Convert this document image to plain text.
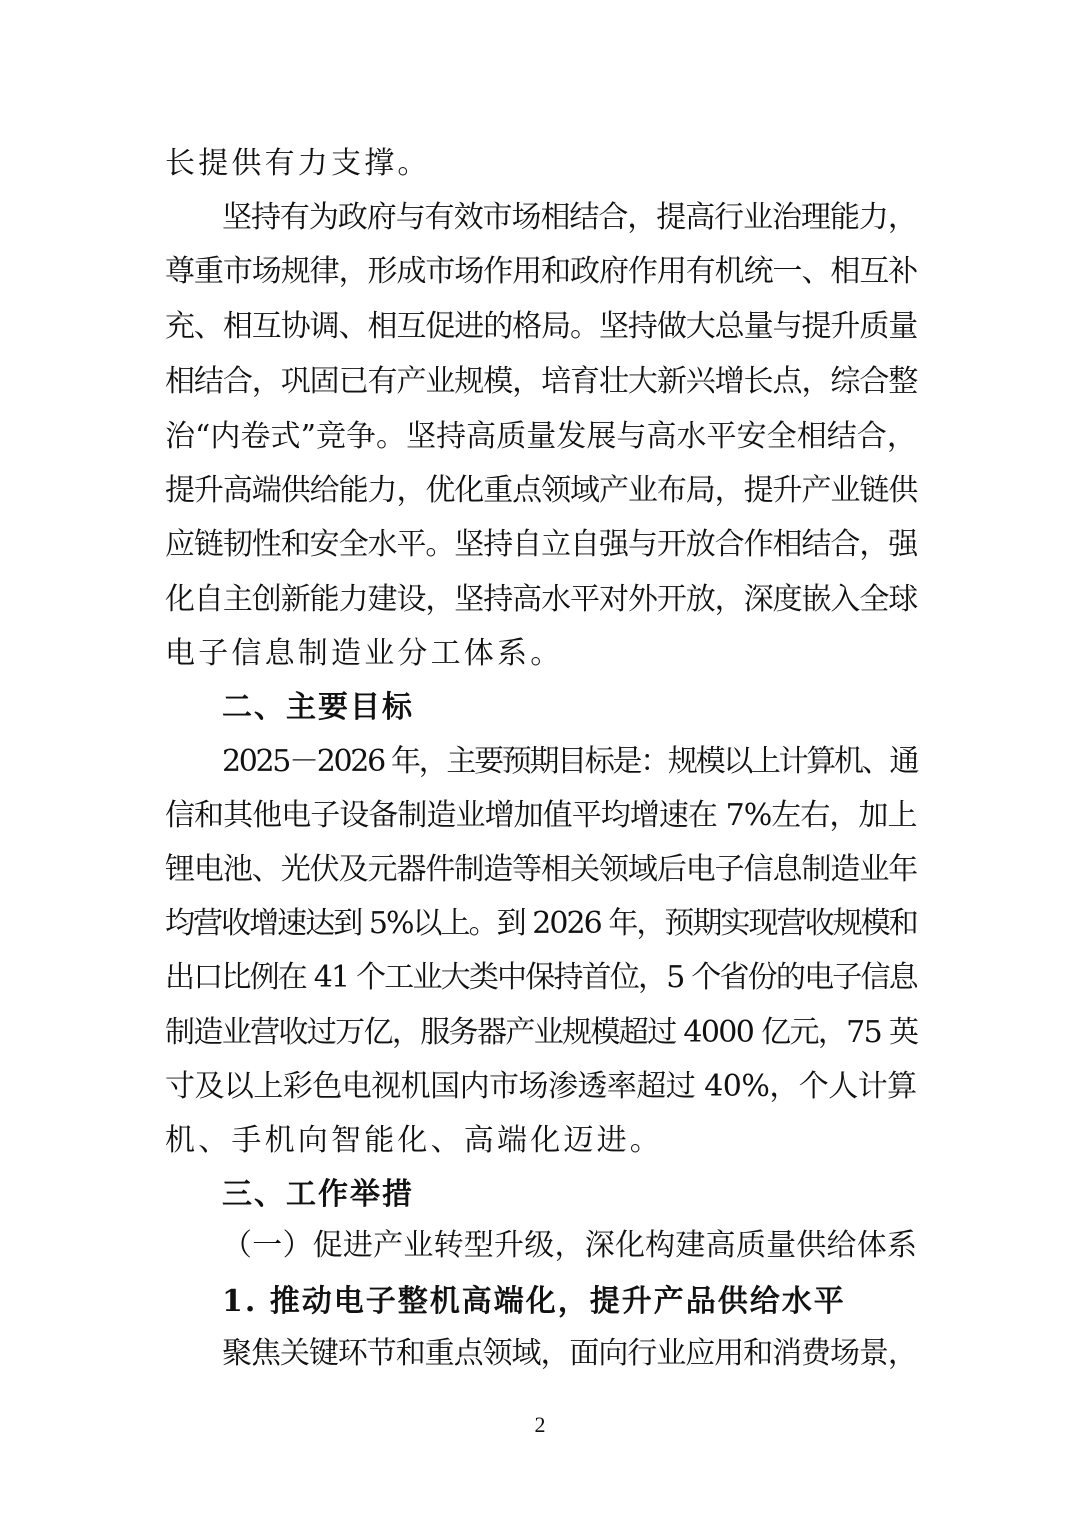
长提供有力支撑。
坚持有为政府与有效市场相结合，提高行业治理能力，
尊重市场规律，形成市场作用和政府作用有机统一、相互补
充、相互协调、相互促进的格局。坚持做大总量与提升质量
相结合，巩固已有产业规模，培育壮大新兴增长点，综合整
治“内卷式”竞争。坚持高质量发展与高水平安全相结合，
提升高端供给能力，优化重点领域产业布局，提升产业链供
应链韧性和安全水平。坚持自立自强与开放合作相结合，强
化自主创新能力建设，坚持高水平对外开放，深度嵌入全球
电子信息制造业分工体系。
二、主要目标
2025－2026 年，主要预期目标是：规模以上计算机、通
信和其他电子设备制造业增加值平均增速在 7%左右，加上
锂电池、光伏及元器件制造等相关领域后电子信息制造业年
均营收增速达到 5%以上。到 2026 年，预期实现营收规模和
出口比例在 41 个工业大类中保持首位，5 个省份的电子信息
制造业营收过万亿，服务器产业规模超过 4000 亿元，75 英
寸及以上彩色电视机国内市场渗透率超过 40%，个人计算
机、手机向智能化、高端化迈进。
三、工作举措
（一）促进产业转型升级，深化构建高质量供给体系
1. 推动电子整机高端化，提升产品供给水平
聚焦关键环节和重点领域，面向行业应用和消费场景，
2
